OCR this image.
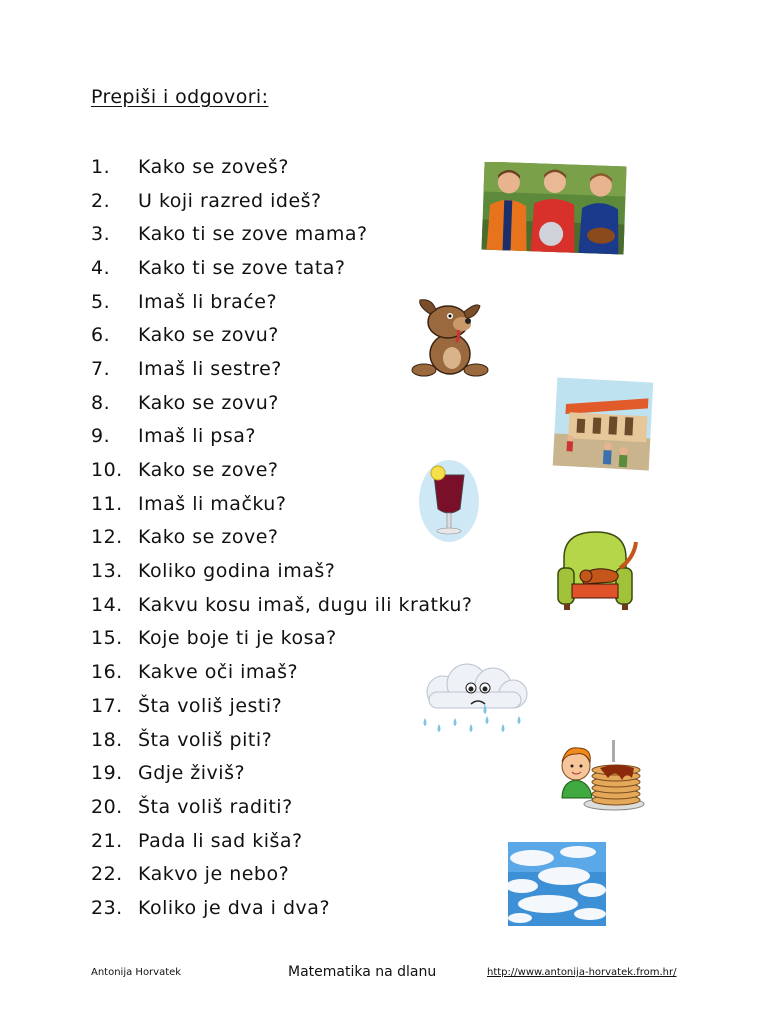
Prepiši i odgovori:
1.	Kako se zoveš?
2.	U koji razred ideš?
3.	Kako ti se zove mama?
4.	Kako ti se zove tata?
5.	Imaš li braće?
6.	Kako se zovu?
7.	Imaš li sestre?
8.	Kako se zovu?
9.	Imaš li psa?
10. Kako se zove?
11. Imaš li mačku?
12. Kako se zove?
13. Koliko godina imaš?
14. Kakvu kosu imaš, dugu ili kratku?
15. Koje boje ti je kosa?
16. Kakve oči imaš?
17. Šta voliš jesti?
18. Šta voliš piti?
19. Gdje živiš?
20. Šta voliš raditi?
21. Pada li sad kiša?
22. Kakvo je nebo?
23. Koliko je dva i dva?
Antonija Horvatek	Matematika na dlanu	http://www.antonija-horvatek.from.hr/
